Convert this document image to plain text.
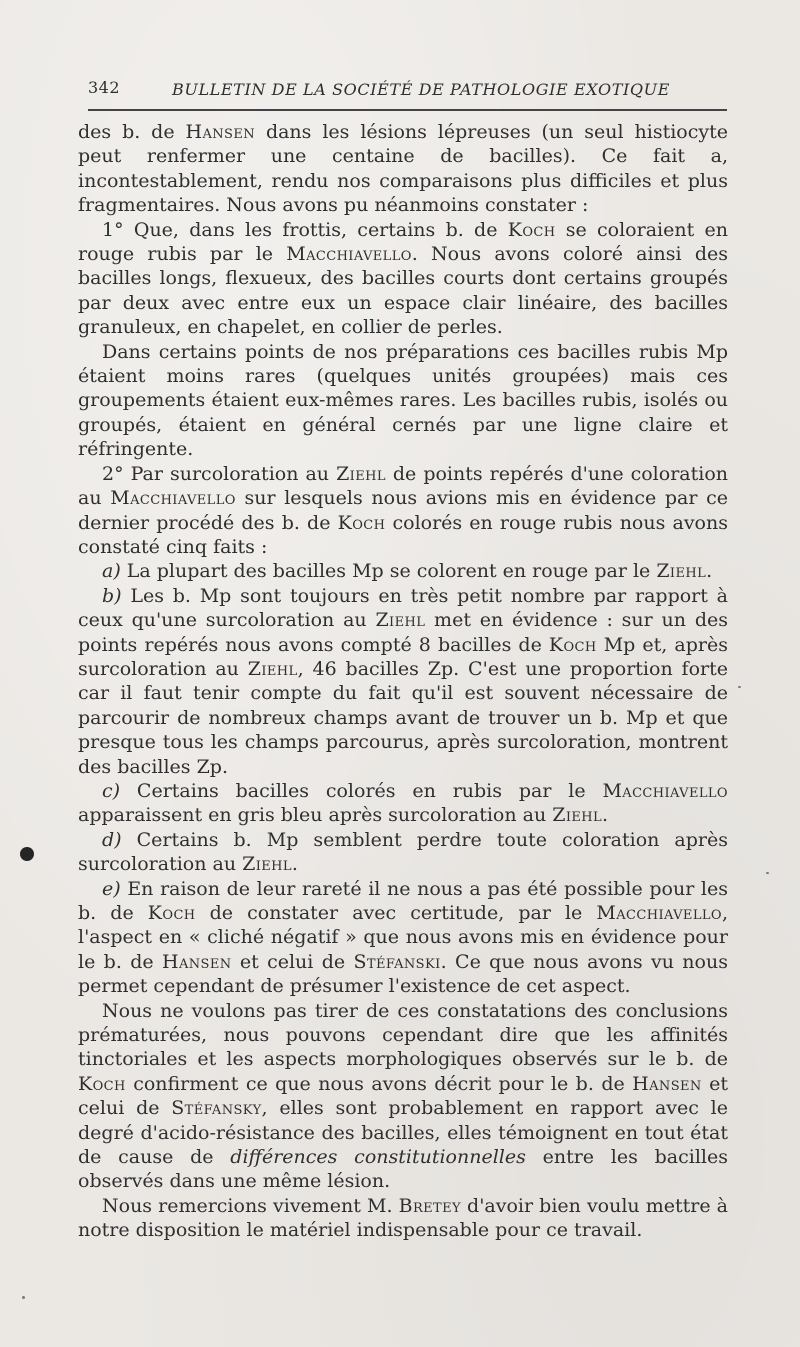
342	BULLETIN DE LA SOCIÉTÉ DE PATHOLOGIE EXOTIQUE

des b. de Hansen dans les lésions lépreuses (un seul histiocyte peut renfermer une centaine de bacilles). Ce fait a, incontestablement, rendu nos comparaisons plus difficiles et plus fragmentaires. Nous avons pu néanmoins constater :

1° Que, dans les frottis, certains b. de Koch se coloraient en rouge rubis par le Macchiavello. Nous avons coloré ainsi des bacilles longs, flexueux, des bacilles courts dont certains groupés par deux avec entre eux un espace clair linéaire, des bacilles granuleux, en chapelet, en collier de perles.

Dans certains points de nos préparations ces bacilles rubis Mp étaient moins rares (quelques unités groupées) mais ces groupements étaient eux-mêmes rares. Les bacilles rubis, isolés ou groupés, étaient en général cernés par une ligne claire et réfringente.

2° Par surcoloration au Ziehl de points repérés d'une coloration au Macchiavello sur lesquels nous avions mis en évidence par ce dernier procédé des b. de Koch colorés en rouge rubis nous avons constaté cinq faits :

a) La plupart des bacilles Mp se colorent en rouge par le Ziehl.

b) Les b. Mp sont toujours en très petit nombre par rapport à ceux qu'une surcoloration au Ziehl met en évidence : sur un des points repérés nous avons compté 8 bacilles de Koch Mp et, après surcoloration au Ziehl, 46 bacilles Zp. C'est une proportion forte car il faut tenir compte du fait qu'il est souvent nécessaire de parcourir de nombreux champs avant de trouver un b. Mp et que presque tous les champs parcourus, après surcoloration, montrent des bacilles Zp.

c) Certains bacilles colorés en rubis par le Macchiavello apparaissent en gris bleu après surcoloration au Ziehl.

d) Certains b. Mp semblent perdre toute coloration après surcoloration au Ziehl.

e) En raison de leur rareté il ne nous a pas été possible pour les b. de Koch de constater avec certitude, par le Macchiavello, l'aspect en « cliché négatif » que nous avons mis en évidence pour le b. de Hansen et celui de Stéfanski. Ce que nous avons vu nous permet cependant de présumer l'existence de cet aspect.

Nous ne voulons pas tirer de ces constatations des conclusions prématurées, nous pouvons cependant dire que les affinités tinctoriales et les aspects morphologiques observés sur le b. de Koch confirment ce que nous avons décrit pour le b. de Hansen et celui de Stéfansky, elles sont probablement en rapport avec le degré d'acido-résistance des bacilles, elles témoignent en tout état de cause de différences constitutionnelles entre les bacilles observés dans une même lésion.

Nous remercions vivement M. Bretey d'avoir bien voulu mettre à notre disposition le matériel indispensable pour ce travail.
